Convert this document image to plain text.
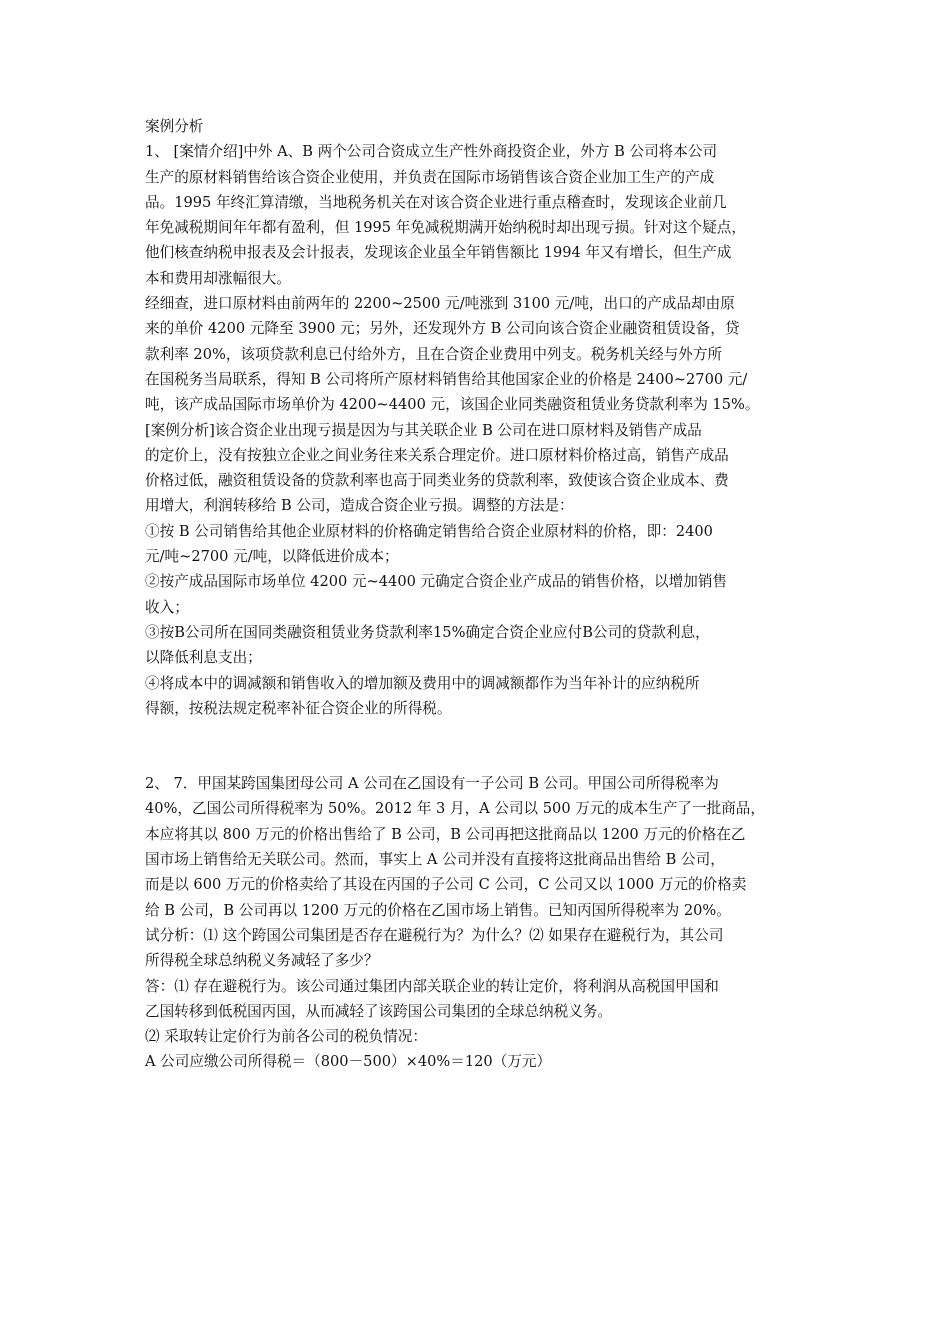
案例分析
1、 [案情介绍]中外 A、B 两个公司合资成立生产性外商投资企业，外方 B 公司将本公司
生产的原材料销售给该合资企业使用，并负责在国际市场销售该合资企业加工生产的产成
品。1995 年终汇算清缴，当地税务机关在对该合资企业进行重点稽查时，发现该企业前几
年免减税期间年年都有盈利，但 1995 年免减税期满开始纳税时却出现亏损。针对这个疑点，
他们核查纳税申报表及会计报表，发现该企业虽全年销售额比 1994 年又有增长，但生产成
本和费用却涨幅很大。
经细查，进口原材料由前两年的 2200~2500 元/吨涨到 3100 元/吨，出口的产成品却由原
来的单价 4200 元降至 3900 元；另外，还发现外方 B 公司向该合资企业融资租赁设备，贷
款利率 20%，该项贷款利息已付给外方，且在合资企业费用中列支。税务机关经与外方所
在国税务当局联系，得知 B 公司将所产原材料销售给其他国家企业的价格是 2400~2700 元/
吨，该产成品国际市场单价为 4200~4400 元，该国企业同类融资租赁业务贷款利率为 15%。
[案例分析]该合资企业出现亏损是因为与其关联企业 B 公司在进口原材料及销售产成品
的定价上，没有按独立企业之间业务往来关系合理定价。进口原材料价格过高，销售产成品
价格过低，融资租赁设备的贷款利率也高于同类业务的贷款利率，致使该合资企业成本、费
用增大，利润转移给 B 公司，造成合资企业亏损。调整的方法是：
①按 B 公司销售给其他企业原材料的价格确定销售给合资企业原材料的价格，即：2400
元/吨~2700 元/吨，以降低进价成本；
②按产成品国际市场单位 4200 元~4400 元确定合资企业产成品的销售价格，以增加销售
收入；
③按B公司所在国同类融资租赁业务贷款利率15%确定合资企业应付B公司的贷款利息，
以降低利息支出；
④将成本中的调减额和销售收入的增加额及费用中的调减额都作为当年补计的应纳税所
得额，按税法规定税率补征合资企业的所得税。
2、 7．甲国某跨国集团母公司 A 公司在乙国设有一子公司 B 公司。甲国公司所得税率为
40%，乙国公司所得税率为 50%。2012 年 3 月，A 公司以 500 万元的成本生产了一批商品，
本应将其以 800 万元的价格出售给了 B 公司，B 公司再把这批商品以 1200 万元的价格在乙
国市场上销售给无关联公司。然而，事实上 A 公司并没有直接将这批商品出售给 B 公司，
而是以 600 万元的价格卖给了其设在丙国的子公司 C 公司，C 公司又以 1000 万元的价格卖
给 B 公司，B 公司再以 1200 万元的价格在乙国市场上销售。已知丙国所得税率为 20%。
试分析：⑴ 这个跨国公司集团是否存在避税行为？为什么？⑵ 如果存在避税行为，其公司
所得税全球总纳税义务减轻了多少？
答：⑴ 存在避税行为。该公司通过集团内部关联企业的转让定价，将利润从高税国甲国和
乙国转移到低税国丙国，从而减轻了该跨国公司集团的全球总纳税义务。
⑵ 采取转让定价行为前各公司的税负情况：
A 公司应缴公司所得税＝（800－500）×40%＝120（万元）
